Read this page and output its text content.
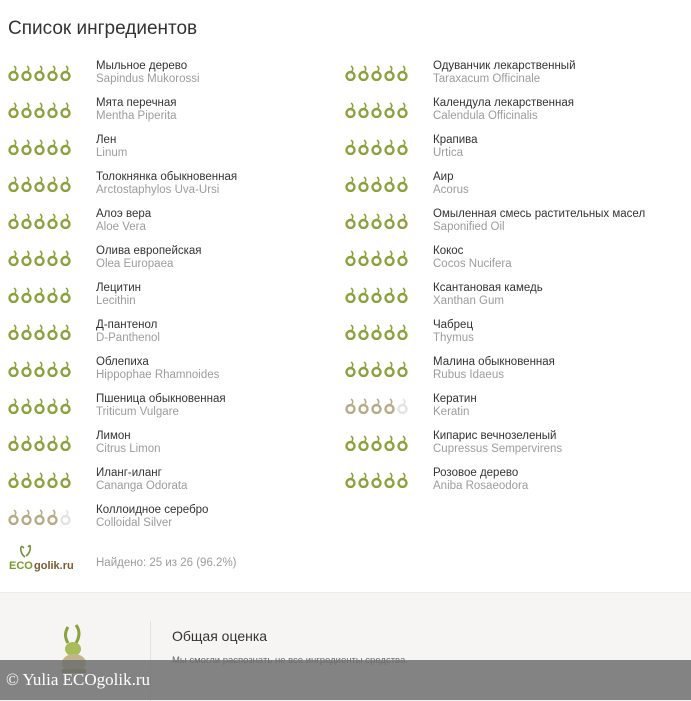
Список ингредиентов
Мыльное дерево
Sapindus Mukorossi
Мята перечная
Mentha Piperita
Лен
Linum
Толокнянка обыкновенная
Arctostaphylos Uva-Ursi
Алоэ вера
Aloe Vera
Олива европейская
Olea Europaea
Лецитин
Lecithin
Д-пантенол
D-Panthenol
Облепиха
Hippophae Rhamnoides
Пшеница обыкновенная
Triticum Vulgare
Лимон
Citrus Limon
Иланг-иланг
Cananga Odorata
Коллоидное серебро
Colloidal Silver
Одуванчик лекарственный
Taraxacum Officinale
Календула лекарственная
Calendula Officinalis
Крапива
Urtica
Аир
Acorus
Омыленная смесь растительных масел
Saponified Oil
Кокос
Cocos Nucifera
Ксантановая камедь
Xanthan Gum
Чабрец
Thymus
Малина обыкновенная
Rubus Idaeus
Кератин
Keratin
Кипарис вечнозеленый
Cupressus Sempervirens
Розовое дерево
Aniba Rosaeodora
ECO golik.ru Найдено: 25 из 26 (96.2%)
Общая оценка
© Yulia ECOgolik.ru
